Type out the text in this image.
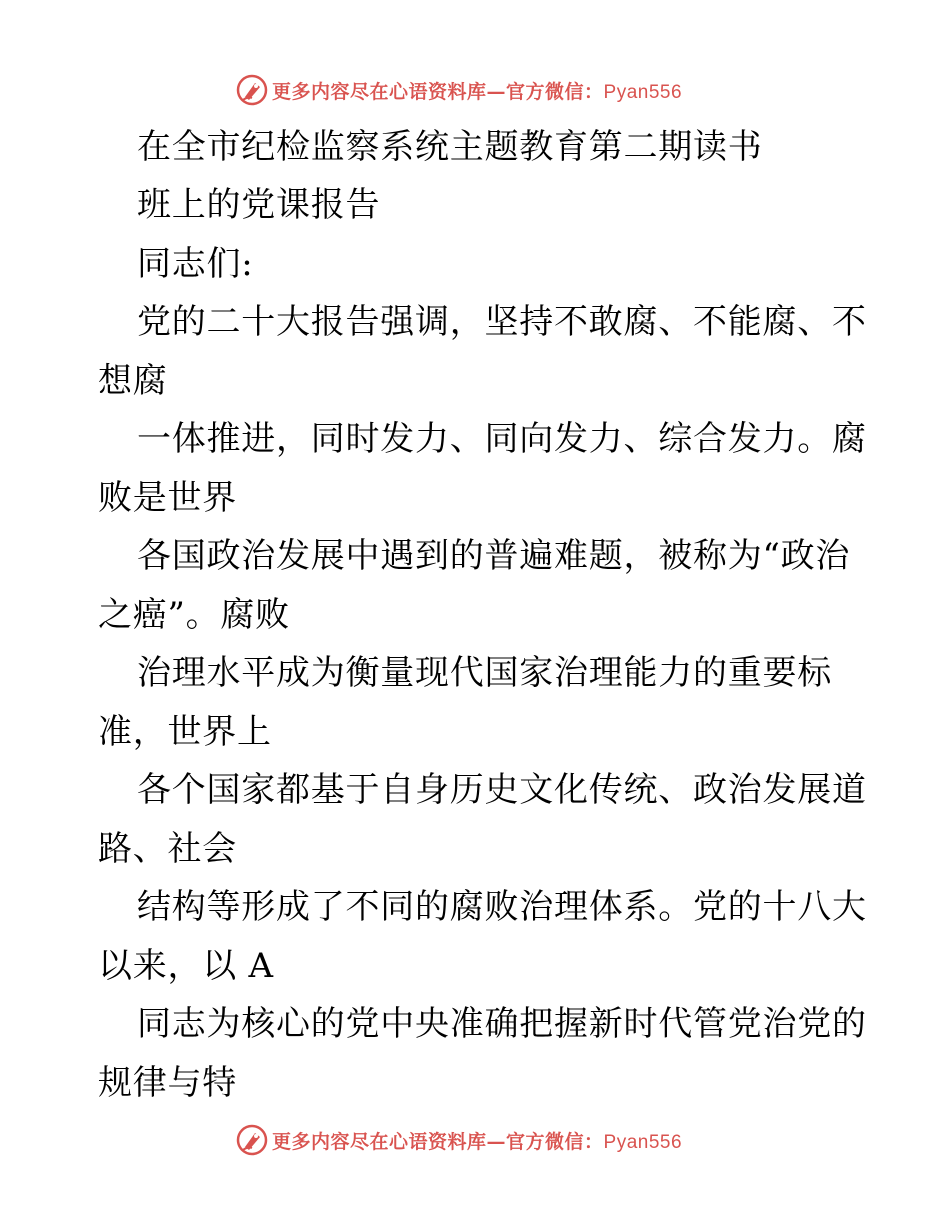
更多内容尽在心语资料库—官方微信：Pyan556
在全市纪检监察系统主题教育第二期读书
班上的党课报告
同志们:
党的二十大报告强调，坚持不敢腐、不能腐、不
想腐
一体推进，同时发力、同向发力、综合发力。腐
败是世界
各国政治发展中遇到的普遍难题，被称为“政治
之癌”。腐败
治理水平成为衡量现代国家治理能力的重要标
准，世界上
各个国家都基于自身历史文化传统、政治发展道
路、社会
结构等形成了不同的腐败治理体系。党的十八大
以来，以 A
同志为核心的党中央准确把握新时代管党治党的
规律与特
更多内容尽在心语资料库—官方微信：Pyan556
